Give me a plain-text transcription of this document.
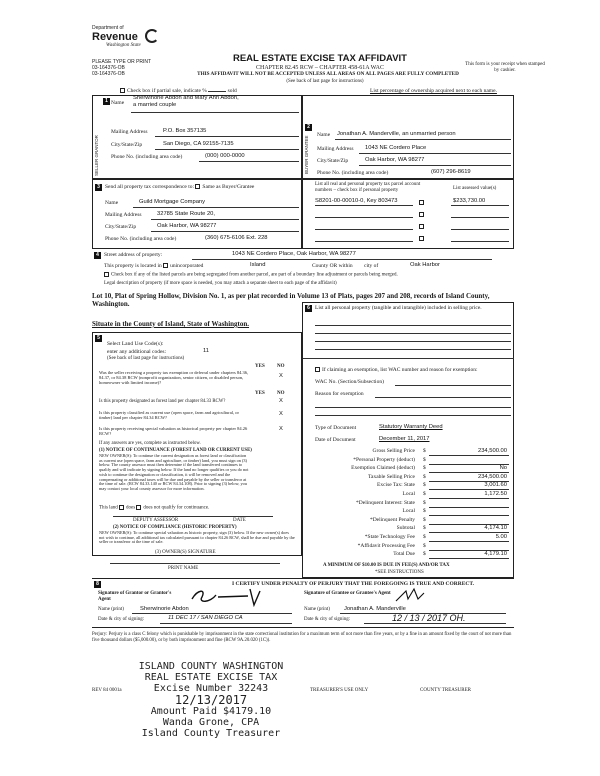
Department of
Revenue
Washington State
PLEASE TYPE OR PRINT
03-164376-OB
03-164376-OB
REAL ESTATE EXCISE TAX AFFIDAVIT
CHAPTER 82.45 RCW – CHAPTER 458-61A WAC
THIS AFFIDAVIT WILL NOT BE ACCEPTED UNLESS ALL AREAS ON ALL PAGES ARE FULLY COMPLETED
(See back of last page for instructions)
This form is your receipt when stamped by cashier.
Check box if partial sale, indicate %	sold	List percentage of ownership acquired next to each name.
1
SELLER GRANTOR
Name
Sherwinorie Abdon and Mary Ann Abdon, a married couple
Mailing Address	P.O. Box 357135
City/State/Zip	San Diego, CA 92155-7135
Phone No. (including area code)	(000) 000-0000
2
BUYER GRANTEE
Name Jonathan A. Manderville, an unmarried person
Mailing Address 1043 NE Cordero Place
City/State/Zip	Oak Harbor, WA 98277
Phone No. (including area code)	(607) 296-8619
3 Send all property tax correspondence to: Same as Buyer/Grantee
Name	Guild Mortgage Company
Mailing Address	32785 State Route 20,
City/State/Zip	Oak Harbor, WA 98277
Phone No. (including area code)	(360) 675-6106 Ext. 228
List all real and personal property tax parcel account numbers – check box if personal property	List assessed value(s)
S8201-00-00010-0, Key 803473	$233,730.00
4 Street address of property:	1043 NE Cordero Place, Oak Harbor, WA 98277
This property is located in unincorporated	Island	County OR within city of	Oak Harbor
Check box if any of the listed parcels are being segregated from another parcel, are part of a boundary line adjustment or parcels being merged.
Legal description of property (if more space is needed, you may attach a separate sheet to each page of the affidavit)
Lot 10, Plat of Spring Hollow, Division No. 1, as per plat recorded in Volume 13 of Plats, pages 207 and 208, records of Island County, Washington.
Situate in the County of Island, State of Washington.
5
Select Land Use Code(s):
enter any additional codes:	11
(See back of last page for instructions)
YES NO
Was the seller receiving a property tax exemption or deferral under chapters 84.36, 84.37, or 84.38 RCW (nonprofit organization, senior citizen, or disabled person, homeowner with limited income)?
X
YES NO
Is this property designated as forest land per chapter 84.33 RCW?	X
Is this property classified as current use (open space, farm and agricultural, or timber) land per chapter 84.34 RCW?
X
Is this property receiving special valuation as historical property per chapter 84.26 RCW?
X
If any answers are yes, complete as instructed below.
(1) NOTICE OF CONTINUANCE (FOREST LAND OR CURRENT USE)
NEW OWNER(S): To continue the current designation as forest land or classification as current use (open space, farm and agriculture, or timber) land, you must sign on (3) below. The county assessor must then determine if the land transferred continues to qualify and will indicate by signing below. If the land no longer qualifies or you do not wish to continue the designation or classification, it will be removed and the compensating or additional taxes will be due and payable by the seller or transferor at the time of sale. (RCW 84.33.140 or RCW 84.34.108). Prior to signing (3) below, you may contact your local county assessor for more information.
This land does does not qualify for continuance.
DEPUTY ASSESSOR	DATE
(2) NOTICE OF COMPLIANCE (HISTORIC PROPERTY)
NEW OWNER(S): To continue special valuation as historic property, sign (3) below. If the new owner(s) does not wish to continue, all additional tax calculated pursuant to chapter 84.26 RCW, shall be due and payable by the seller or transferor at the time of sale.
(3) OWNER(S) SIGNATURE
PRINT NAME
6 List all personal property (tangible and intangible) included in selling price.
If claiming an exemption, list WAC number and reason for exemption:
WAC No. (Section/Subsection)
Reason for exemption
Type of Document	Statutory Warranty Deed
Date of Document	December 11, 2017
Gross Selling Price $	234,500.00
*Personal Property (deduct) $
Exemption Claimed (deduct) $	No
Taxable Selling Price $	234,500.00
Excise Tax: State $	3,001.60
Local $	1,172.50
*Delinquent Interest: State $
Local $
*Delinquent Penalty $
Subtotal $	4,174.10
*State Technology Fee $	5.00
*Affidavit Processing Fee $
Total Due $	4,179.10
A MINIMUM OF $10.00 IS DUE IN FEE(S) AND/OR TAX
*SEE INSTRUCTIONS
8	I CERTIFY UNDER PENALTY OF PERJURY THAT THE FOREGOING IS TRUE AND CORRECT.
Signature of Grantor or Grantor's Agent
Name (print)	Sherwinorie Abdon
Date & city of signing:	11 DEC 17 / SAN DIEGO CA
Signature of Grantee or Grantee's Agent
Name (print) Jonathan A. Manderville
Date & city of signing:	12 / 13 / 2017 OH.
Perjury: Perjury is a class C felony which is punishable by imprisonment in the state correctional institution for a maximum term of not more than five years, or by a fine in an amount fixed by the court of not more than five thousand dollars ($5,000.00), or by both imprisonment and fine (RCW 9A.20.020 (1C)).
ISLAND COUNTY WASHINGTON
REAL ESTATE EXCISE TAX
Excise Number 32243
12/13/2017
Amount Paid $4179.10
Wanda Grone, CPA
Island County Treasurer
REV 84 0001a	TREASURER'S USE ONLY	COUNTY TREASURER
